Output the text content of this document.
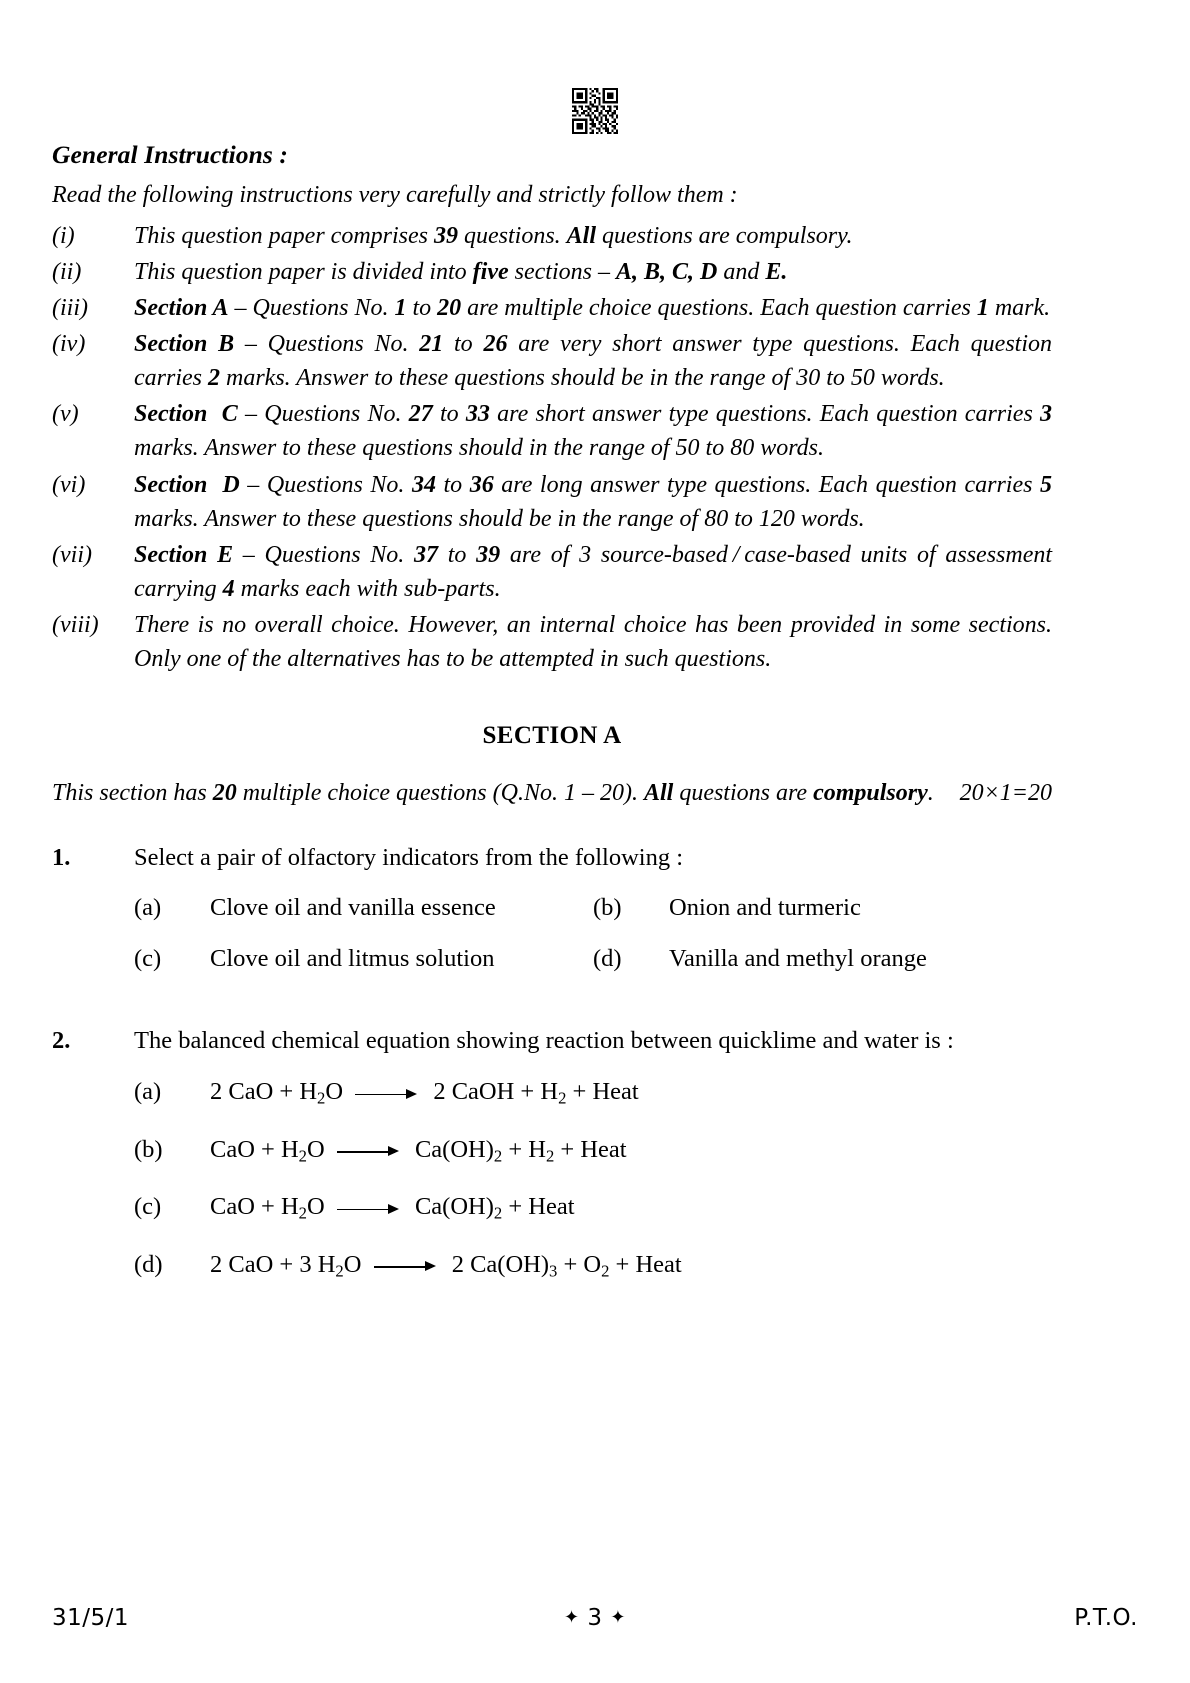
General Instructions :
Read the following instructions very carefully and strictly follow them :
(i)	This question paper comprises 39 questions. All questions are compulsory.
(ii)	This question paper is divided into five sections – A, B, C, D and E.
(iii)	Section A – Questions No. 1 to 20 are multiple choice questions. Each question carries 1 mark.
(iv)	Section B – Questions No. 21 to 26 are very short answer type questions. Each question carries 2 marks. Answer to these questions should be in the range of 30 to 50 words.
(v)	Section  C – Questions No. 27 to 33 are short answer type questions. Each question carries 3 marks. Answer to these questions should in the range of 50 to 80 words.
(vi)	Section  D – Questions No. 34 to 36 are long answer type questions. Each question carries 5 marks. Answer to these questions should be in the range of 80 to 120 words.
(vii)	Section E – Questions No. 37 to 39 are of 3 source-based / case-based units of assessment carrying 4 marks each with sub-parts.
(viii)	There is no overall choice. However, an internal choice has been provided in some sections. Only one of the alternatives has to be attempted in such questions.
SECTION A
20×1=20
This section has 20 multiple choice questions (Q.No. 1 – 20). All questions are compulsory.
1.	Select a pair of olfactory indicators from the following :
(a)	Clove oil and vanilla essence	(b)	Onion and turmeric
(c)	Clove oil and litmus solution	(d)	Vanilla and methyl orange
2.	The balanced chemical equation showing reaction between quicklime and water is :
(a)	2 CaO + $H_2O$	2 CaOH + $H_2$ + Heat
(b)	CaO + $H_2O$	$Ca(OH)_2 + H_2$ + Heat
(c)	CaO + $H_2O$	$Ca(OH)_2$ + Heat
(d)	2 CaO + 3 $H_2O$	2 $Ca(OH)_3 + O_2$ + Heat
31/5/1	✦ 3 ✦	P.T.O.
